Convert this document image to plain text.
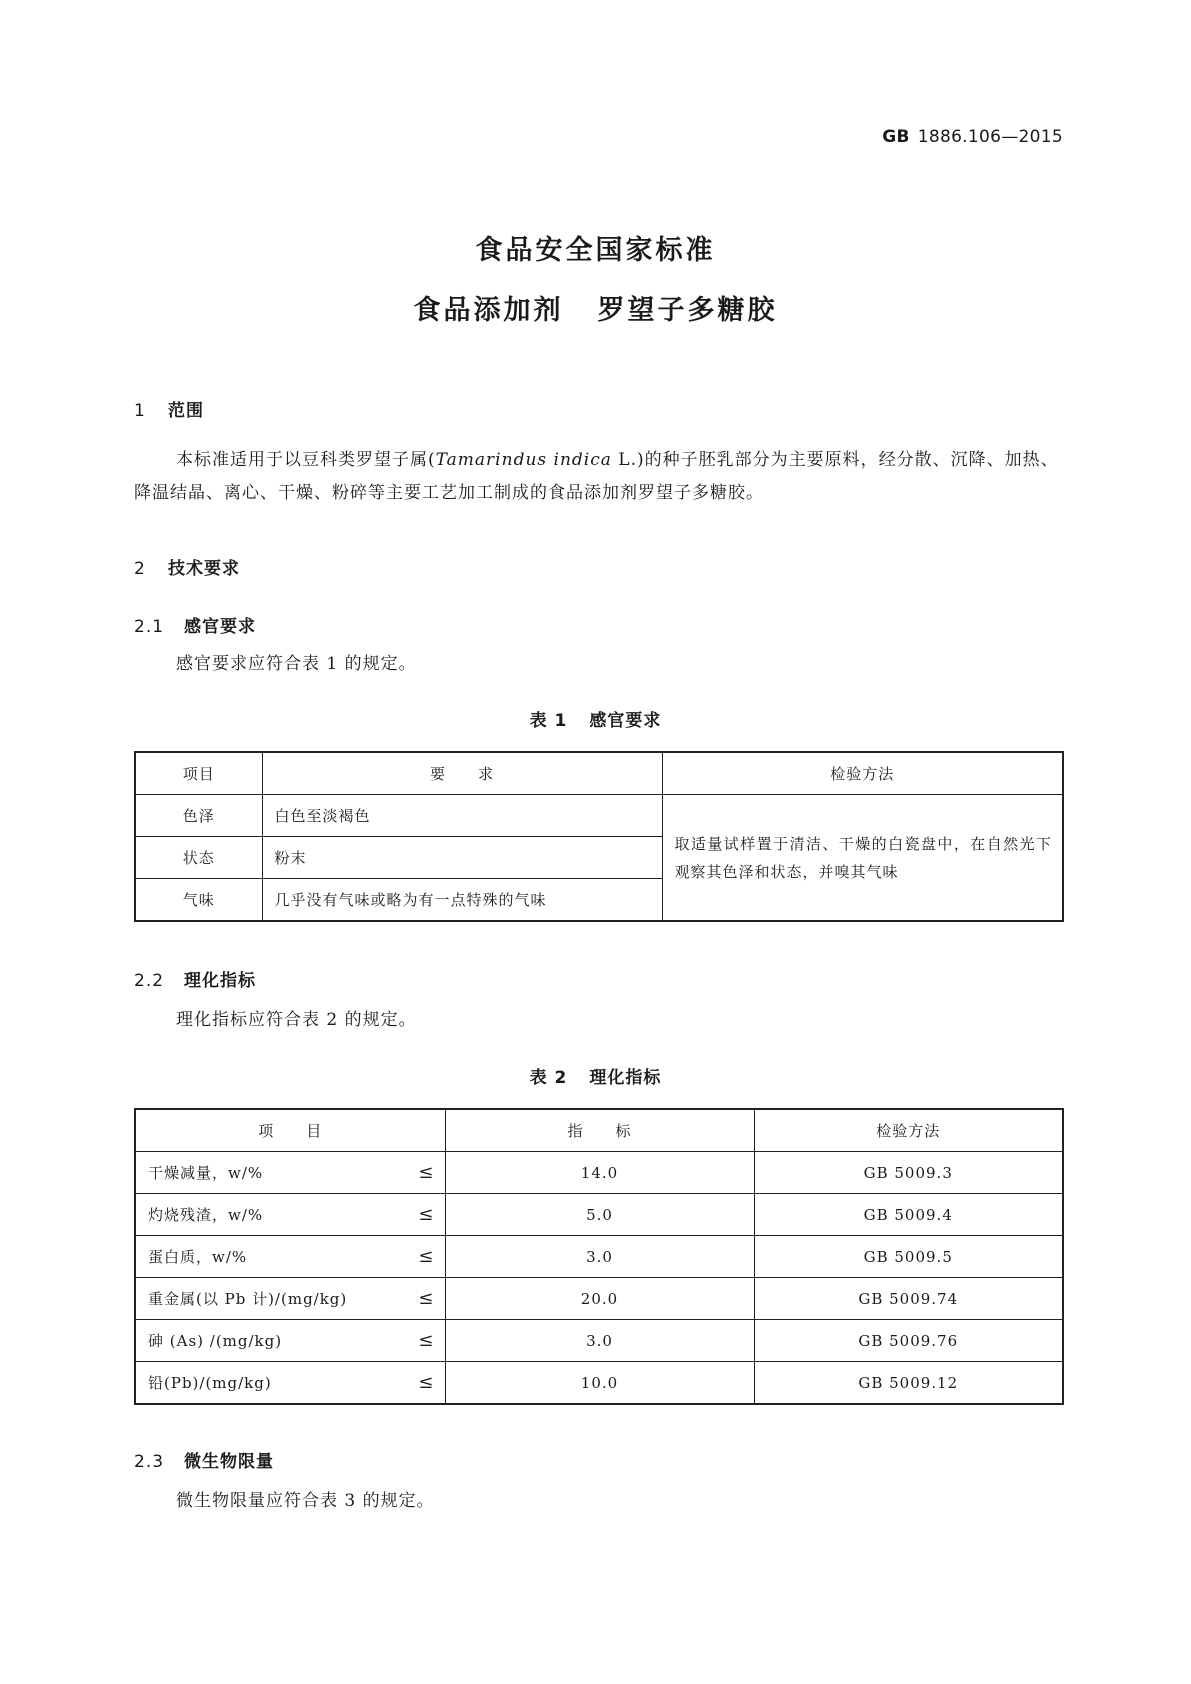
GB 1886.106—2015
食品安全国家标准
食品添加剂 罗望子多糖胶
1 范围
本标准适用于以豆科类罗望子属(Tamarindus indica L.)的种子胚乳部分为主要原料，经分散、沉降、加热、降温结晶、离心、干燥、粉碎等主要工艺加工制成的食品添加剂罗望子多糖胶。
2 技术要求
2.1 感官要求
感官要求应符合表 1 的规定。
表 1 感官要求
项目	要　　求	检验方法
色泽	白色至淡褐色	取适量试样置于清洁、干燥的白瓷盘中，在自然光下观察其色泽和状态，并嗅其气味
状态	粉末	
气味	几乎没有气味或略为有一点特殊的气味	
2.2 理化指标
理化指标应符合表 2 的规定。
表 2 理化指标
项　　目	指　　标	检验方法
干燥减量，w/% ≤	14.0	GB 5009.3
灼烧残渣，w/% ≤	5.0	GB 5009.4
蛋白质，w/% ≤	3.0	GB 5009.5
重金属(以 Pb 计)/(mg/kg) ≤	20.0	GB 5009.74
砷 (As) /(mg/kg) ≤	3.0	GB 5009.76
铅(Pb)/(mg/kg) ≤	10.0	GB 5009.12
2.3 微生物限量
微生物限量应符合表 3 的规定。
